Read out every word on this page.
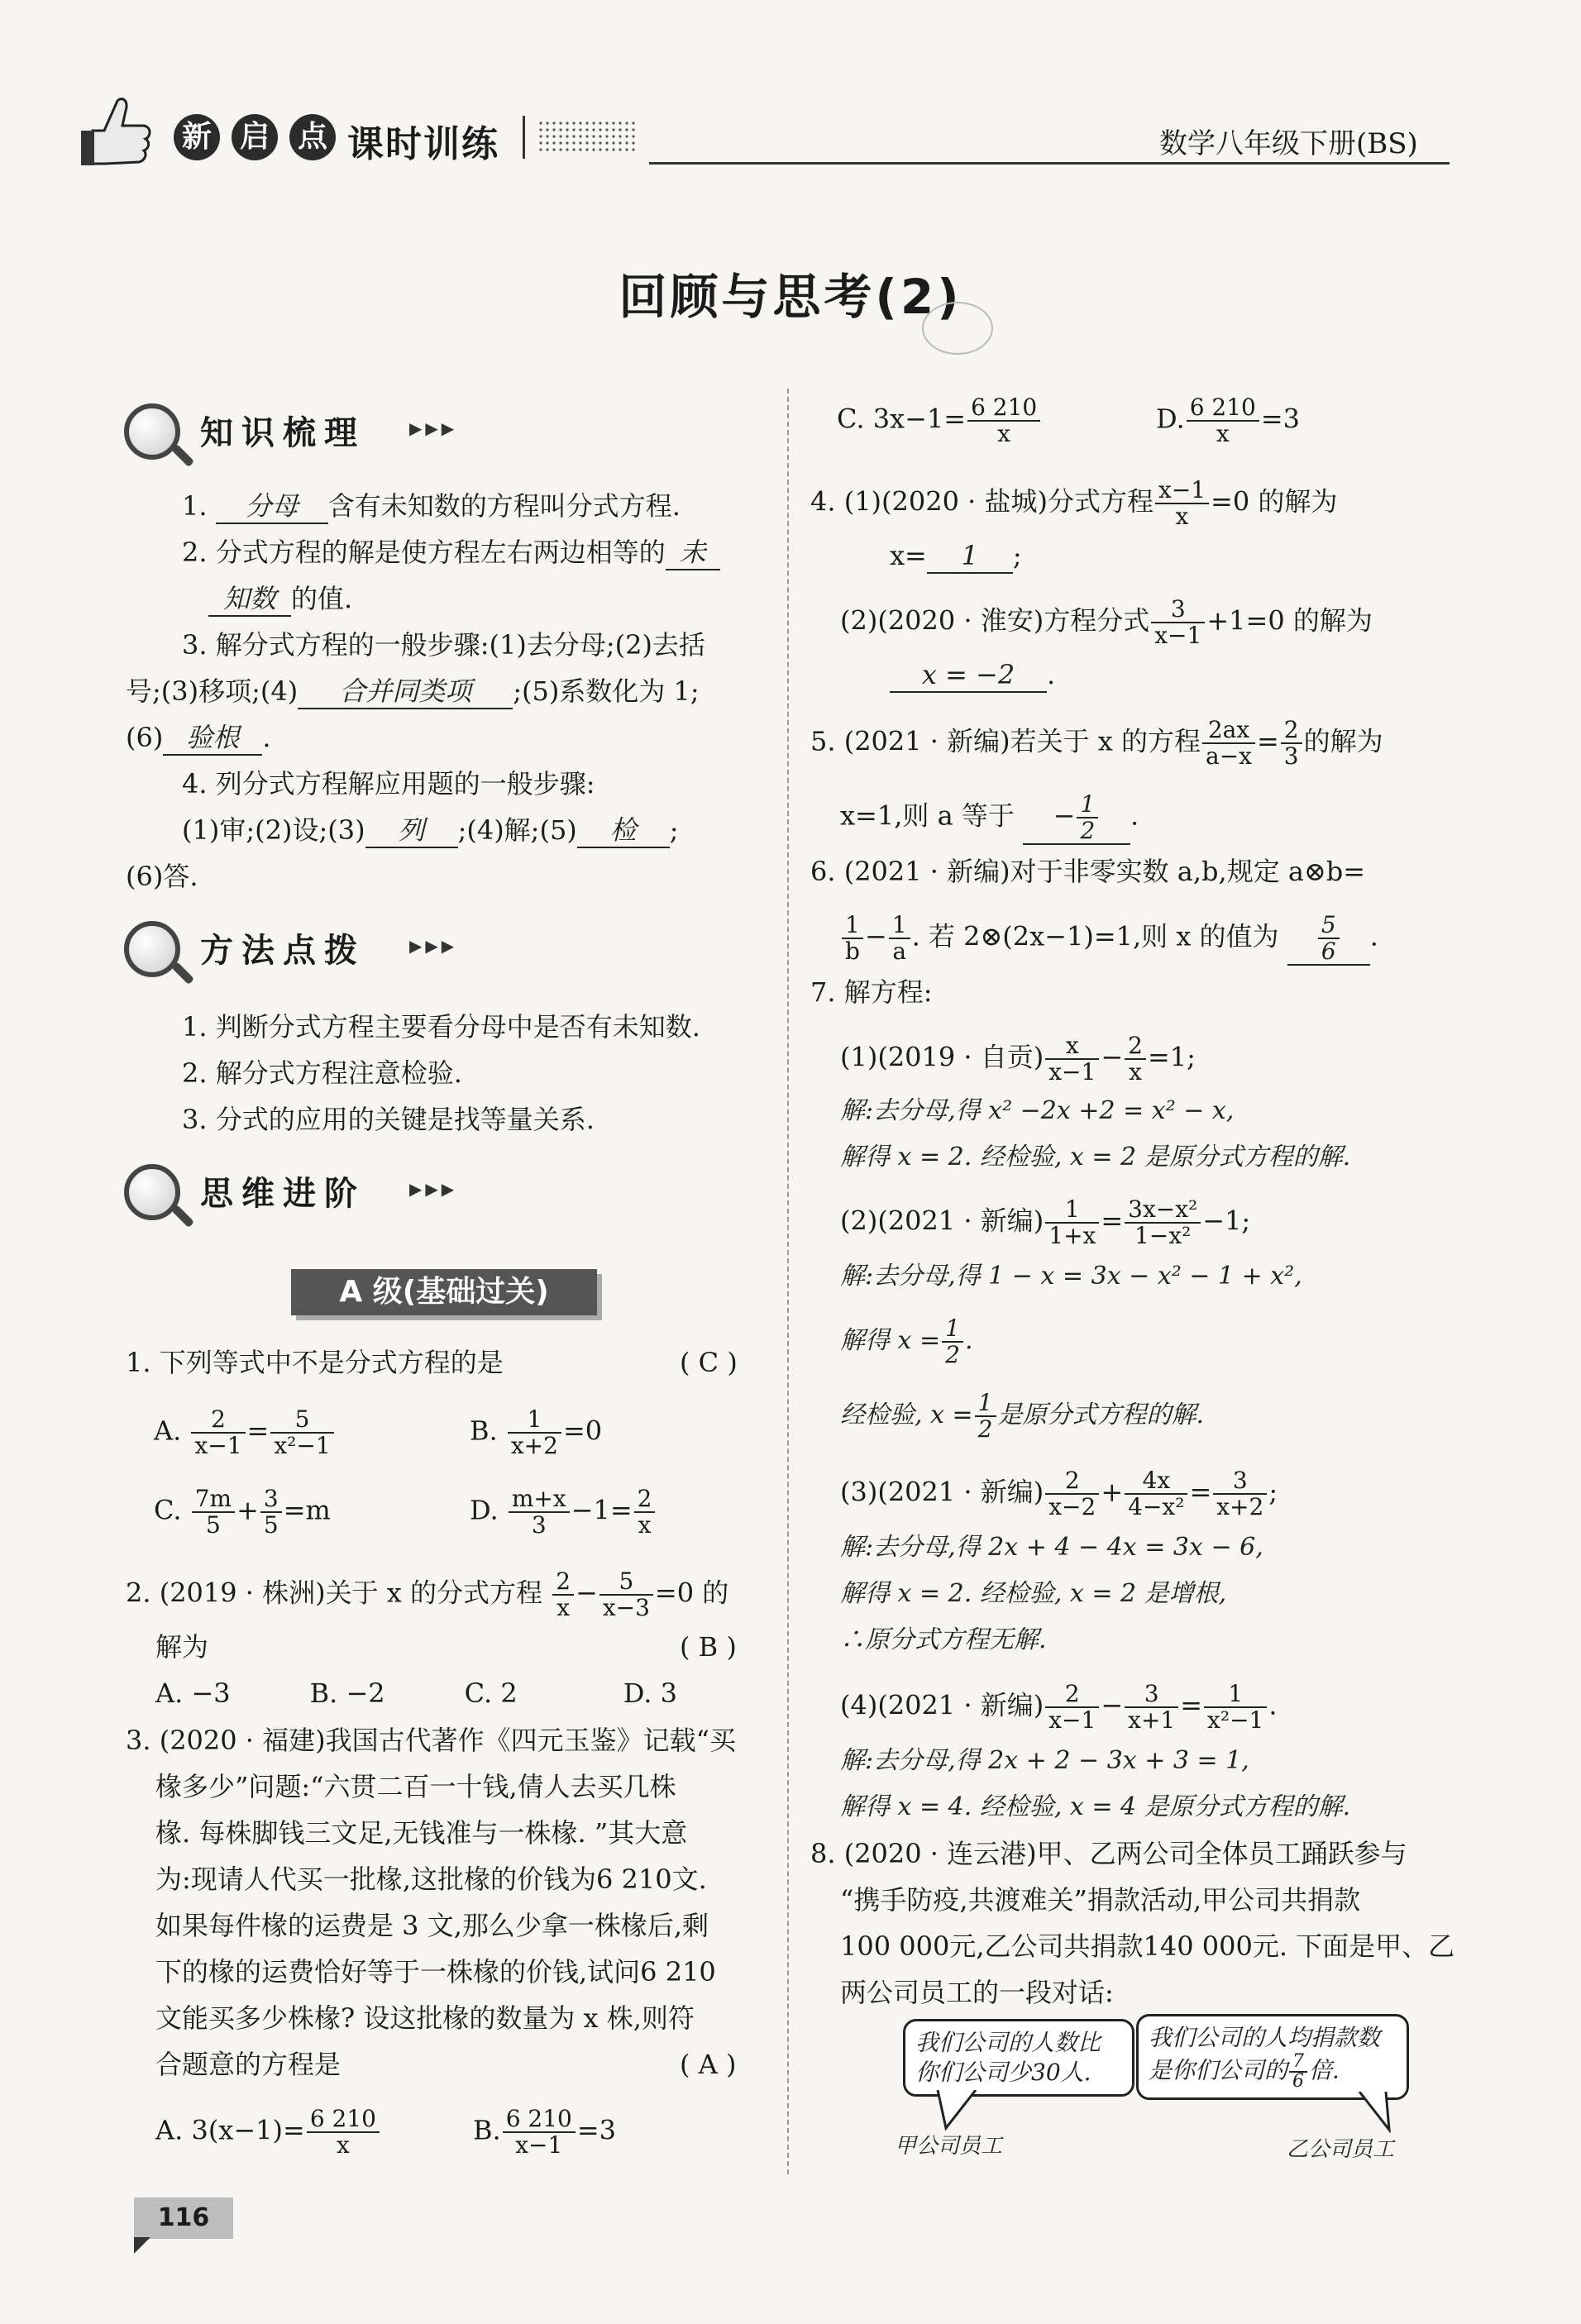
新 启 点 课时训练	数学八年级下册(BS)
回顾与思考(2)
知识梳理	▶▶▶
1. 分母 含有未知数的方程叫分式方程.
2. 分式方程的解是使方程左右两边相等的 未
知数 的值.
3. 解分式方程的一般步骤:(1)去分母;(2)去括
号;(3)移项;(4) 合并同类项 ;(5)系数化为 1;
(6) 验根 .
4. 列分式方程解应用题的一般步骤:
(1)审;(2)设;(3) 列 ;(4)解;(5) 检 ;
(6)答.
方法点拨	▶▶▶
1. 判断分式方程主要看分母中是否有未知数.
2. 解分式方程注意检验.
3. 分式的应用的关键是找等量关系.
思维进阶	▶▶▶
A 级(基础过关)
1. 下列等式中不是分式方程的是	( C )
A. $\frac{2}{x-1} = \frac{5}{\text{x²−1}}$	B. $\frac{1}{x+2} =0$
C. $\frac{7m}{5} + \frac{3}{5} =m$	D. $\frac{m+x}{3} -1= \frac{2}{x}$
2. (2019 · 株洲)关于 x 的分式方程 $\frac{2}{x} - \frac{5}{x-3} =0$ 的
解为	( B )
A. −3　　　B. −2　　　C. 2　　　　D. 3
3. (2020 · 福建)我国古代著作《四元玉鉴》记载“买
椽多少”问题:“六贯二百一十钱,倩人去买几株
椽. 每株脚钱三文足,无钱准与一株椽. ”其大意
为:现请人代买一批椽,这批椽的价钱为6 210文.
如果每件椽的运费是 3 文,那么少拿一株椽后,剩
下的椽的运费恰好等于一株椽的价钱,试问6 210
文能买多少株椽? 设这批椽的数量为 x 株,则符
合题意的方程是	( A )
A. $3(x-1)= \frac{6 210}{x}$	B. $\frac{6 210}{x-1} =3$
C. $3x-1= \frac{6 210}{x}$	D. $\frac{6 210}{x} =3$
4. (1)(2020 · 盐城)分式方程 $\frac{x-1}{x} =0$ 的解为
x= 1 ;
(2)(2020 · 淮安)方程分式 $\frac{3}{x-1} +1=0$ 的解为
x = −2 .
5. (2021 · 新编)若关于 x 的方程 $\frac{2ax}{a-x} = \frac{2}{3}$ 的解为
x=1,则 a 等于 − $\frac{1}{2}$ .
6. (2021 · 新编)对于非零实数 a,b,规定 a⊗b=
$\frac{1}{b} - \frac{1}{a}$ . 若 2⊗(2x−1)=1,则 x 的值为 $\frac{5}{6}$ .
7. 解方程:
(1)(2019 · 自贡) $\frac{x}{x-1} - \frac{2}{x} =1$;
解:去分母,得 x² −2x +2 = x² − x,
解得 x = 2. 经检验, x = 2 是原分式方程的解.
(2)(2021 · 新编) $\frac{1}{1+x} = \frac{\text{3x−x²}}{\text{1−x²}} -1$;
解:去分母,得 1 − x = 3x − x² − 1 + x²,
解得 $x = \frac{1}{2}$ .
经检验, $x = \frac{1}{2}$ 是原分式方程的解.
(3)(2021 · 新编) $\frac{2}{x-2} + \frac{4x}{\text{4−x²}} = \frac{3}{x+2}$ ;
解:去分母,得 2x + 4 − 4x = 3x − 6,
解得 x = 2. 经检验, x = 2 是增根,
∴原分式方程无解.
(4)(2021 · 新编) $\frac{2}{x-1} - \frac{3}{x+1} = \frac{1}{\text{x²−1}}$ .
解:去分母,得 2x + 2 − 3x + 3 = 1,
解得 x = 4. 经检验, x = 4 是原分式方程的解.
8. (2020 · 连云港)甲、乙两公司全体员工踊跃参与
“携手防疫,共渡难关”捐款活动,甲公司共捐款
100 000元,乙公司共捐款140 000元. 下面是甲、乙
两公司员工的一段对话:
我们公司的人数比
你们公司少30人.
我们公司的人均捐款数
是你们公司的 $\frac{7}{6}$ 倍.
甲公司员工	乙公司员工
116
